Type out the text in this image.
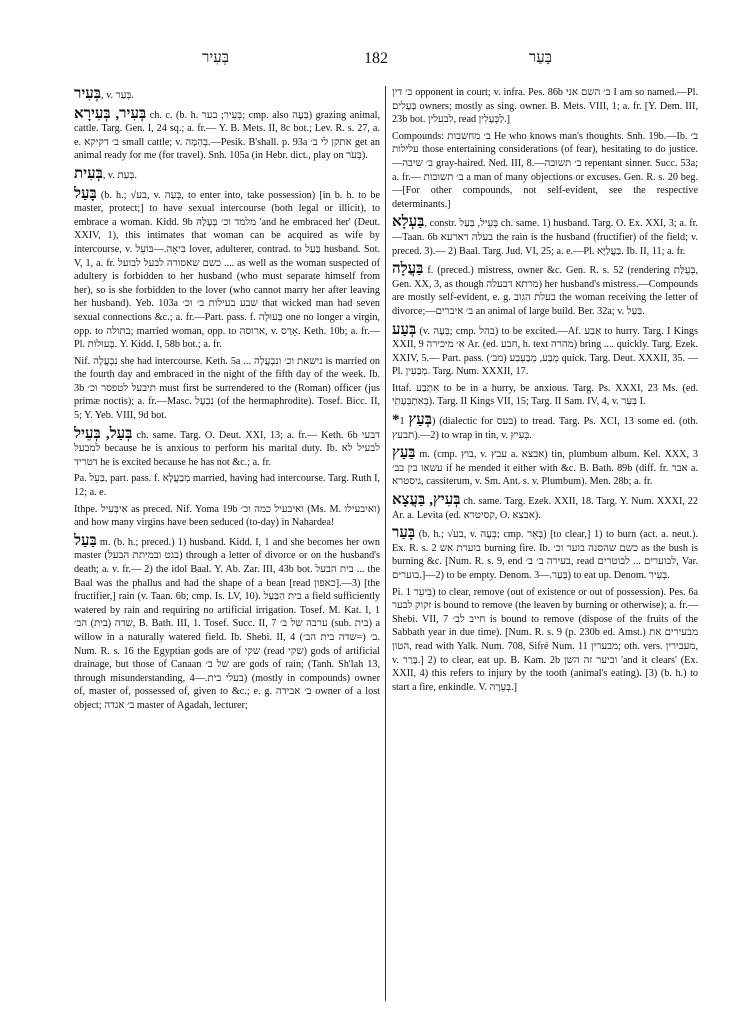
בְּעִיר	182	בָּעַר
בְּעִיר, v. בְּעַר.
בְּעִיר, בְּעִירָא ch. c. (b. h. בְּעִיר; בער; cmp. also בְּעָה) grazing animal, cattle. Targ. Gen. I, 24 sq.; a. fr.— Y. B. Mets. II, 8c bot.; Lev. R. s. 27, a. e. ב׳ דקיקא small cattle; v. בְּהֵמָה.—Pesik. B'shall. p. 93a אתקן לי ב׳ get an animal ready for me (for travel). Snh. 105a (in Hebr. dict., play on בְּעֹר).
בְּעִית, v. בְּעַת.
בָּעַל (b. h.; √בע, v. בְּעַה, to enter into, take possession) [in b. h. to be master, protect;] to have sexual intercourse (both legal or illicit), to embrace a woman. Kidd. 9b מלמד וכ׳ בְּעָלָהּ 'and he embraced her' (Deut. XXIV, 1), this intimates that woman can be acquired as wife by intercourse, v. בִּיאָה.—בּוֹעֵל lover, adulterer, contrad. to בַּעַל husband. Sot. V, 1, a. fr. כשם שאסורה לבעל לבועל .... as well as the woman suspected of adultery is forbidden to her husband (who must separate himself from her), so is she forbidden to the lover (who cannot marry her after leaving her husband). Yeb. 103a שבע בעילות ב׳ וכ׳ that wicked man had seven sexual connections &c.; a. fr.—Part. pass. f. בְּעוּלָה one no longer a virgin, opp. to בתולה; married woman, opp. to ארוסה, v. אָרַס. Keth. 10b; a. fr.—Pl. בְּעוּלוֹת. Y. Kidd. I, 58b bot.; a. fr.
Nif. נִבְעֲלָה she had intercourse. Keth. 5a ... נישאת וכ׳ ונִבְעֲלָה is married on the fourth day and embraced in the night of the fifth day of the week. Ib. 3b תיבעל לטפסר וכ׳ must first be surrendered to the (Roman) officer (jus primæ noctis); a. fr.—Masc. נִבְעָל (of the hermaphrodite). Tosef. Bicc. II, 5; Y. Yeb. VIII, 9d bot.
בְּעַל, בְּעֵיל ch. same. Targ. O. Deut. XXI, 13; a. fr.— Keth. 6b דבעי למבעל because he is anxious to perform his marital duty. Ib. לבעיל לא דטריד he is excited because he has not &c.; a. fr.
Pa. בַּעֵל, part. pass. f. מְבַעֲלָא married, having had intercourse. Targ. Ruth I, 12; a. e.
Ithpe. אִיבְּעִיל as preced. Nif. Yoma 19b ואיבעיל כמה וכ׳ (Ms. M. ואיבעילו) and how many virgins have been seduced (to-day) in Nahardea!
בַּעַל m. (b. h.; preced.) 1) husband. Kidd. I, 1 and she becomes her own master (בגט ובמיתת הבעל) through a letter of divorce or on the husband's death; a. v. fr.— 2) the idol Baal. Y. Ab. Zar. III, 43b bot. בית הבעל ... the Baal was the phallus and had the shape of a bean [read כאפון].—3) [the fructifier,] rain (v. Taan. 6b; cmp. Is. LV, 10). בית הַבַּעַל a field sufficiently watered by rain and requiring no artificial irrigation. Tosef. M. Kat. I, 1 שדה (בית) הב׳, B. Bath. III, 1. Tosef. Succ. II, 7 ערבה של ב׳ (sub. בית) a willow in a naturally watered field. Ib. Shebi. II, 4 ב׳ (=שדה בית הב׳). Num. R. s. 16 the Egyptian gods are of שקי (read שקי) gods of artificial drainage, but those of Canaan של ב׳ are gods of rain; (Tanh. Sh'lah 13, through misunderstanding, בעלי בית.—4) (mostly in compounds) owner of, master of, possessed of, given to &c.; e. g. ב׳ אבידה owner of a lost object; ב׳ אגדה master of Agadah, lecturer;
ב׳ דין opponent in court; v. infra. Pes. 86b ב׳ השם אני I am so named.—Pl. בְּעָלִים owners; mostly as sing. owner. B. Mets. VIII, 1; a. fr. [Y. Dem. III, 23b bot. לבעלין, read לַבְּעָלִין.]
Compounds: ב׳ מחשבות He who knows man's thoughts. Snh. 19b.—Ib. ב׳ עלילות those entertaining considerations (of fear), hesitating to do justice.—ב׳ שיבה gray-haired. Ned. III, 8.—ב׳ תשובה repentant sinner. Succ. 53a; a. fr.— ב׳ תשובות a man of many objections or excuses. Gen. R. s. 20 beg.—[For other compounds, not self-evident, see the respective determinants.]
בַּעְלָא, constr. בְּעֵיל, בְּעַל ch. same. 1) husband. Targ. O. Ex. XXI, 3; a. fr.—Taan. 6b בעלה דארעא the rain is the husband (fructifier) of the field; v. preced. 3).— 2) Baal. Targ. Jud. VI, 25; a. e.—Pl. בַּעֲלַיָּא. Ib. II, 11; a. fr.
בַּעֲלָה f. (preced.) mistress, owner &c. Gen. R. s. 52 (rendering בְּעֻלַּת, Gen. XX, 3, as though מרתא דבעלה) her husband's mistress.—Compounds are mostly self-evident, e. g. בעלת הגוב the woman receiving the letter of divorce;—ב׳ איברים an animal of large build. Ber. 32a; v. בַּעַל.
בְּעַע (v. בְּעָה; cmp. בהל) to be excited.—Af. אַבַע to hurry. Targ. I Kings XXII, 9 א׳ מיכירה Ar. (ed. חבע, h. text מהרה) bring .... quickly. Targ. Ezek. XXIV, 5.— Part. pass. מְבַע, מְבַעְבַע (מב׳) quick. Targ. Deut. XXXII, 35. —Pl. מְבַעִין. Targ. Num. XXXII, 17.
Ittaf. אִתְבַע to be in a hurry, be anxious. Targ. Ps. XXXI, 23 Ms. (ed. בְּאִתְבְּעָתִי). Targ. II Kings VII, 15; Targ. II Sam. IV, 4, v. בְּעַר I.
*בְּעַץ 1) (dialectic for בעס) to tread. Targ. Ps. XCI, 13 some ed. (oth. תבעץ).—2) to wrap in tin, v. בְּעִיץ.
בַּעַץ m. (cmp. בוץ, v. עבץ a. אבצא) tin, plumbum album. Kel. XXX, 3 עשאו בין בב׳ if he mended it either with &c. B. Bath. 89b (diff. fr. אבר a. גיסטרא, cassiterum, v. Sm. Ant. s. v. Plumbum). Men. 28b; a. fr.
בְּעִיץ, בַּעֲצָא ch. same. Targ. Ezek. XXII, 18. Targ. Y. Num. XXXI, 22 Ar. a. Levita (ed. קסיטרא, O. אבצא).
בָּעַר (b. h.; √בע, v. בְּעָה; cmp. בְּאֵר) [to clear,] 1) to burn (act. a. neut.). Ex. R. s. 2 בוערת אש burning fire. Ib. כשם שהסנה בוער וכ׳ as the bush is burning &c. [Num. R. s. 9, end בעירה ב׳ ב׳, read לבוערים ... לבוטרים, Var. בוערים.]—2) to be empty. Denom. בְּעַר.—3) to eat up. Denom. בְּעִיר.
Pi. בִּיעֵר 1) to clear, remove (out of existence or out of possession). Pes. 6a זקוק לבער is bound to remove (the leaven by burning or otherwise); a. fr.—Shebi. VII, 7 חייב לב׳ is bound to remove (dispose of the fruits of the Sabbath year in due time). [Num. R. s. 9 (p. 230b ed. Amst.) מבעירים את הטון, read with Yalk. Num. 708, Sifré Num. 11 מבערין; oth. vers. מעבירין, v. בָּרַר.] 2) to clear, eat up. B. Kam. 2b וביער זה השן 'and it clears' (Ex. XXII, 4) this refers to injury by the tooth (animal's eating). [3) (b. h.) to start a fire, enkindle. V. בְּעֵרָה.]
